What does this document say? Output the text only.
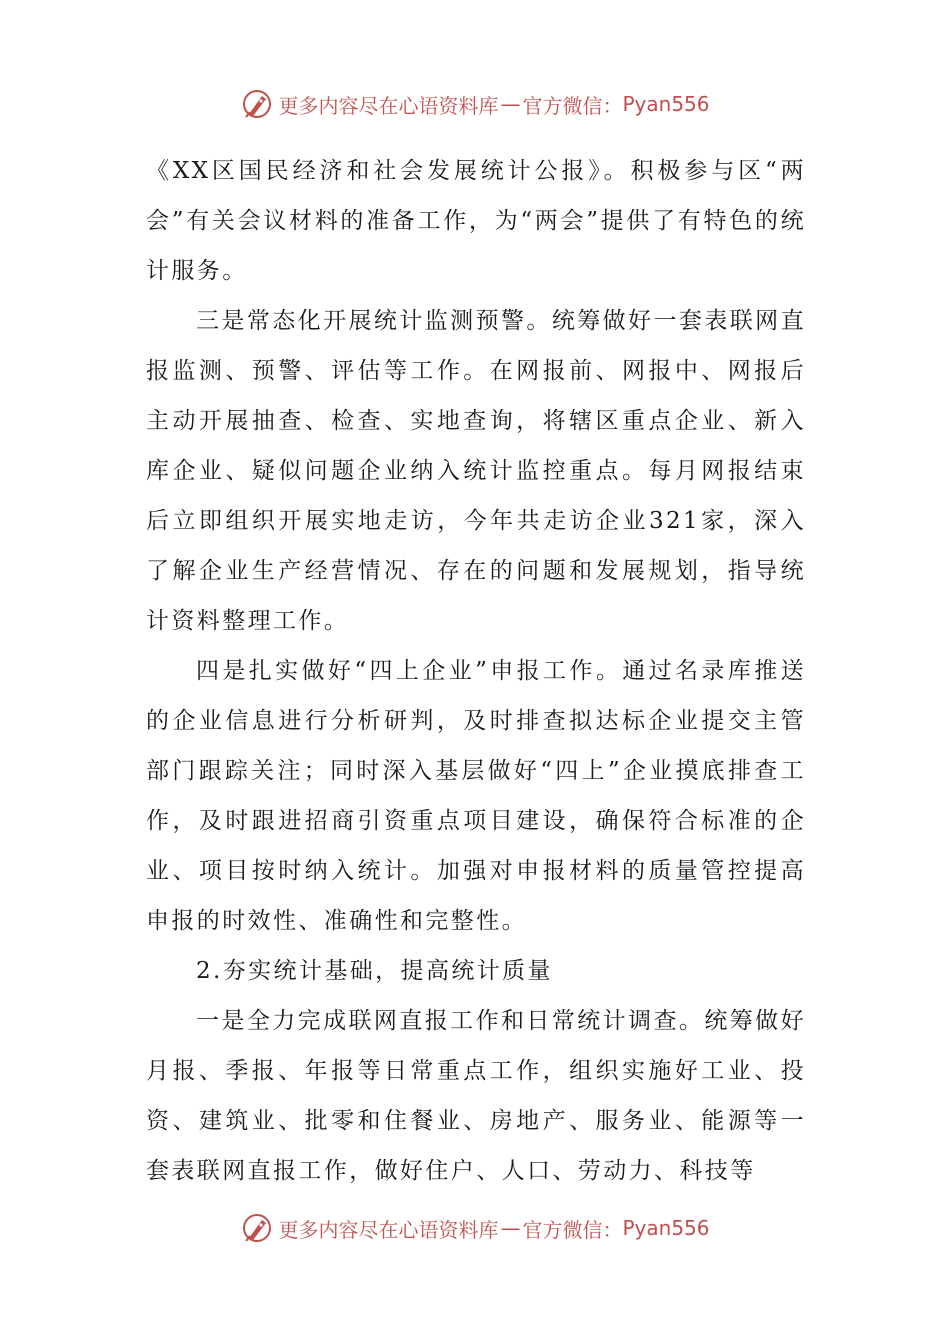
更多内容尽在心语资料库 — 官方微信： Pyan556

《XX区国民经济和社会发展统计公报》。积极参与区“两会”有关会议材料的准备工作，为“两会”提供了有特色的统计服务。

三是常态化开展统计监测预警。统筹做好一套表联网直报监测、预警、评估等工作。在网报前、网报中、网报后主动开展抽查、检查、实地查询，将辖区重点企业、新入库企业、疑似问题企业纳入统计监控重点。每月网报结束后立即组织开展实地走访，今年共走访企业321家，深入了解企业生产经营情况、存在的问题和发展规划，指导统计资料整理工作。

四是扎实做好“四上企业”申报工作。通过名录库推送的企业信息进行分析研判，及时排查拟达标企业提交主管部门跟踪关注；同时深入基层做好“四上”企业摸底排查工作，及时跟进招商引资重点项目建设，确保符合标准的企业、项目按时纳入统计。加强对申报材料的质量管控提高申报的时效性、准确性和完整性。

2.夯实统计基础，提高统计质量

一是全力完成联网直报工作和日常统计调查。统筹做好月报、季报、年报等日常重点工作，组织实施好工业、投资、建筑业、批零和住餐业、房地产、服务业、能源等一套表联网直报工作，做好住户、人口、劳动力、科技等

更多内容尽在心语资料库 — 官方微信： Pyan556
